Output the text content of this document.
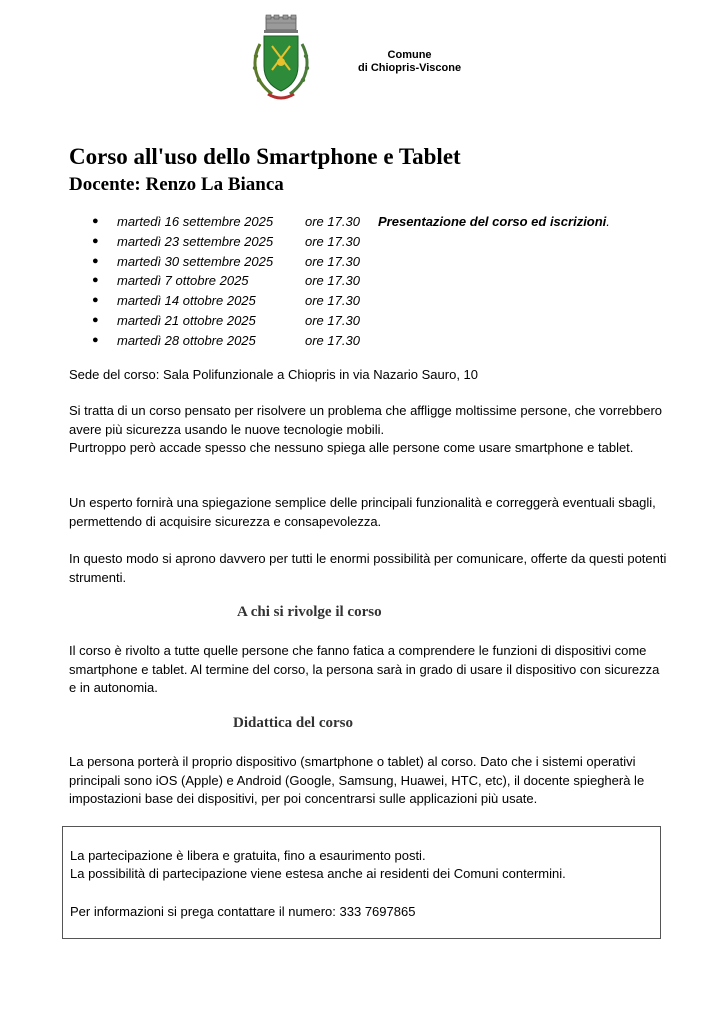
Comune
di Chiopris-Viscone
Corso all'uso dello Smartphone e Tablet
Docente: Renzo La Bianca
● martedì 16 settembre 2025 ore 17.30 Presentazione del corso ed iscrizioni.
● martedì 23 settembre 2025 ore 17.30
● martedì 30 settembre 2025 ore 17.30
● martedì 7 ottobre 2025	ore 17.30
● martedì 14 ottobre 2025	ore 17.30
● martedì 21 ottobre 2025	ore 17.30
● martedì 28 ottobre 2025	ore 17.30
Sede del corso: Sala Polifunzionale a Chiopris in via Nazario Sauro, 10
Si tratta di un corso pensato per risolvere un problema che affligge moltissime persone, che vorrebbero avere più sicurezza usando le nuove tecnologie mobili.
Purtroppo però accade spesso che nessuno spiega alle persone come usare smartphone e tablet.
Un esperto fornirà una spiegazione semplice delle principali funzionalità e correggerà eventuali sbagli, permettendo di acquisire sicurezza e consapevolezza.
In questo modo si aprono davvero per tutti le enormi possibilità per comunicare, offerte da questi potenti strumenti.
A chi si rivolge il corso
Il corso è rivolto a tutte quelle persone che fanno fatica a comprendere le funzioni di dispositivi come smartphone e tablet. Al termine del corso, la persona sarà in grado di usare il dispositivo con sicurezza e in autonomia.
Didattica del corso
La persona porterà il proprio dispositivo (smartphone o tablet) al corso. Dato che i sistemi operativi principali sono iOS (Apple) e Android (Google, Samsung, Huawei, HTC, etc), il docente spiegherà le impostazioni base dei dispositivi, per poi concentrarsi sulle applicazioni più usate.
La partecipazione è libera e gratuita, fino a esaurimento posti.
La possibilità di partecipazione viene estesa anche ai residenti dei Comuni contermini.
Per informazioni si prega contattare il numero: 333 7697865
